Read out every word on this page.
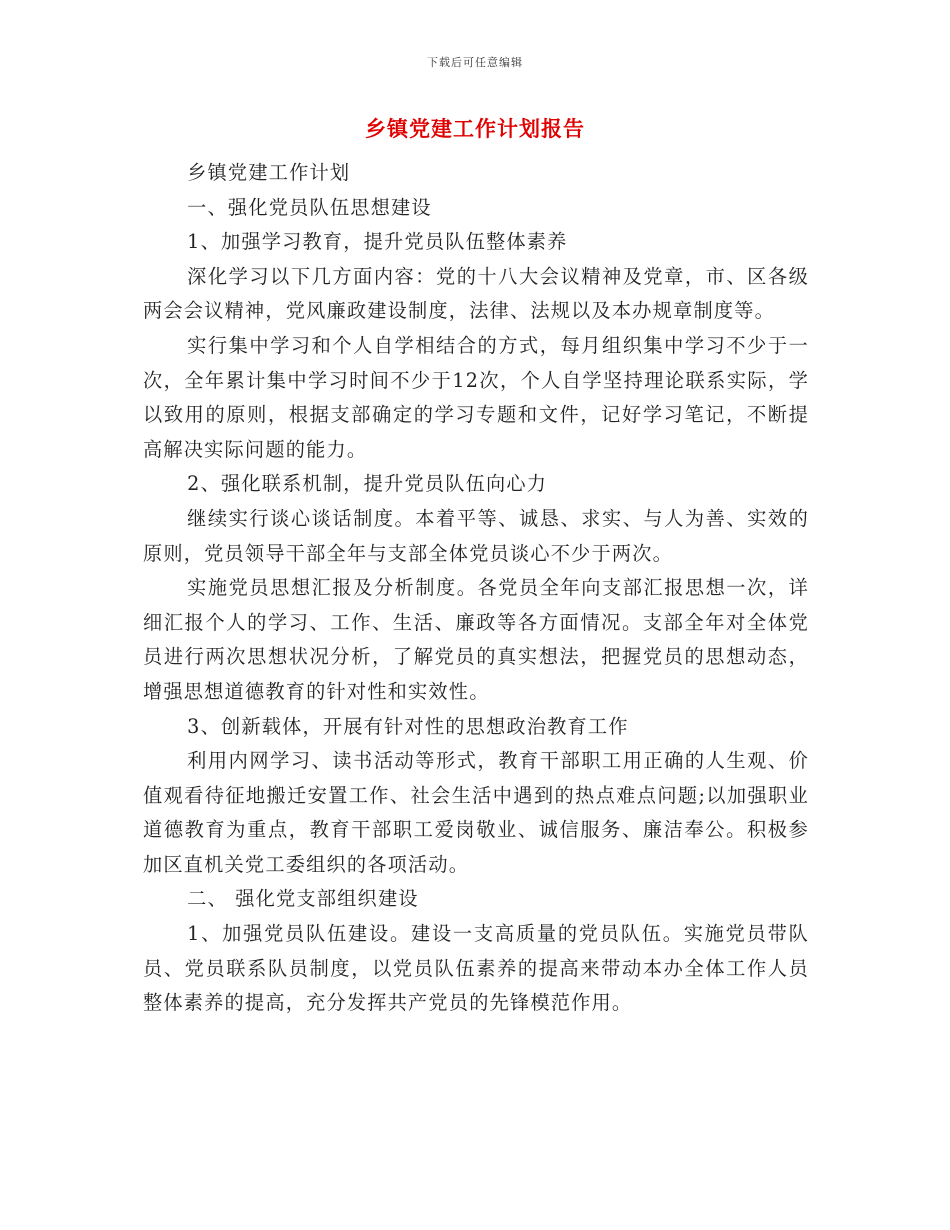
下载后可任意编辑
乡镇党建工作计划报告

乡镇党建工作计划

一、强化党员队伍思想建设

1、加强学习教育，提升党员队伍整体素养

深化学习以下几方面内容：党的十八大会议精神及党章，市、区各级两会会议精神，党风廉政建设制度，法律、法规以及本办规章制度等。

实行集中学习和个人自学相结合的方式，每月组织集中学习不少于一次，全年累计集中学习时间不少于12次，个人自学坚持理论联系实际，学以致用的原则，根据支部确定的学习专题和文件，记好学习笔记，不断提高解决实际问题的能力。

2、强化联系机制，提升党员队伍向心力

继续实行谈心谈话制度。本着平等、诚恳、求实、与人为善、实效的原则，党员领导干部全年与支部全体党员谈心不少于两次。

实施党员思想汇报及分析制度。各党员全年向支部汇报思想一次，详细汇报个人的学习、工作、生活、廉政等各方面情况。支部全年对全体党员进行两次思想状况分析，了解党员的真实想法，把握党员的思想动态，增强思想道德教育的针对性和实效性。

3、创新载体，开展有针对性的思想政治教育工作

利用内网学习、读书活动等形式，教育干部职工用正确的人生观、价值观看待征地搬迁安置工作、社会生活中遇到的热点难点问题;以加强职业道德教育为重点，教育干部职工爱岗敬业、诚信服务、廉洁奉公。积极参加区直机关党工委组织的各项活动。

二、 强化党支部组织建设

1、加强党员队伍建设。建设一支高质量的党员队伍。实施党员带队员、党员联系队员制度，以党员队伍素养的提高来带动本办全体工作人员整体素养的提高，充分发挥共产党员的先锋模范作用。
